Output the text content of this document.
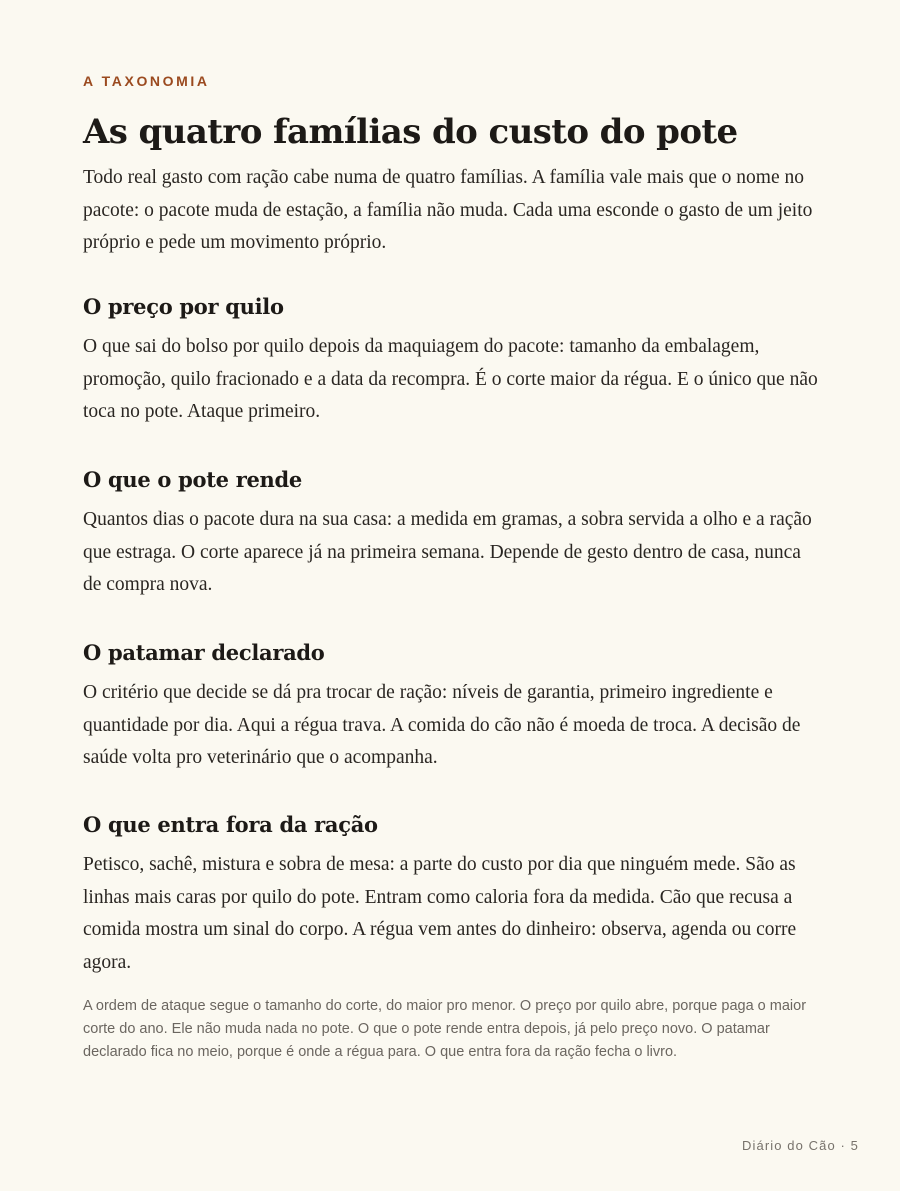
A TAXONOMIA
As quatro famílias do custo do pote

Todo real gasto com ração cabe numa de quatro famílias. A família vale mais que o nome no pacote: o pacote muda de estação, a família não muda. Cada uma esconde o gasto de um jeito próprio e pede um movimento próprio.

O preço por quilo

O que sai do bolso por quilo depois da maquiagem do pacote: tamanho da embalagem, promoção, quilo fracionado e a data da recompra. É o corte maior da régua. E o único que não toca no pote. Ataque primeiro.

O que o pote rende

Quantos dias o pacote dura na sua casa: a medida em gramas, a sobra servida a olho e a ração que estraga. O corte aparece já na primeira semana. Depende de gesto dentro de casa, nunca de compra nova.

O patamar declarado

O critério que decide se dá pra trocar de ração: níveis de garantia, primeiro ingrediente e quantidade por dia. Aqui a régua trava. A comida do cão não é moeda de troca. A decisão de saúde volta pro veterinário que o acompanha.

O que entra fora da ração

Petisco, sachê, mistura e sobra de mesa: a parte do custo por dia que ninguém mede. São as linhas mais caras por quilo do pote. Entram como caloria fora da medida. Cão que recusa a comida mostra um sinal do corpo. A régua vem antes do dinheiro: observa, agenda ou corre agora.

A ordem de ataque segue o tamanho do corte, do maior pro menor. O preço por quilo abre, porque paga o maior corte do ano. Ele não muda nada no pote. O que o pote rende entra depois, já pelo preço novo. O patamar declarado fica no meio, porque é onde a régua para. O que entra fora da ração fecha o livro.

Diário do Cão · 5
